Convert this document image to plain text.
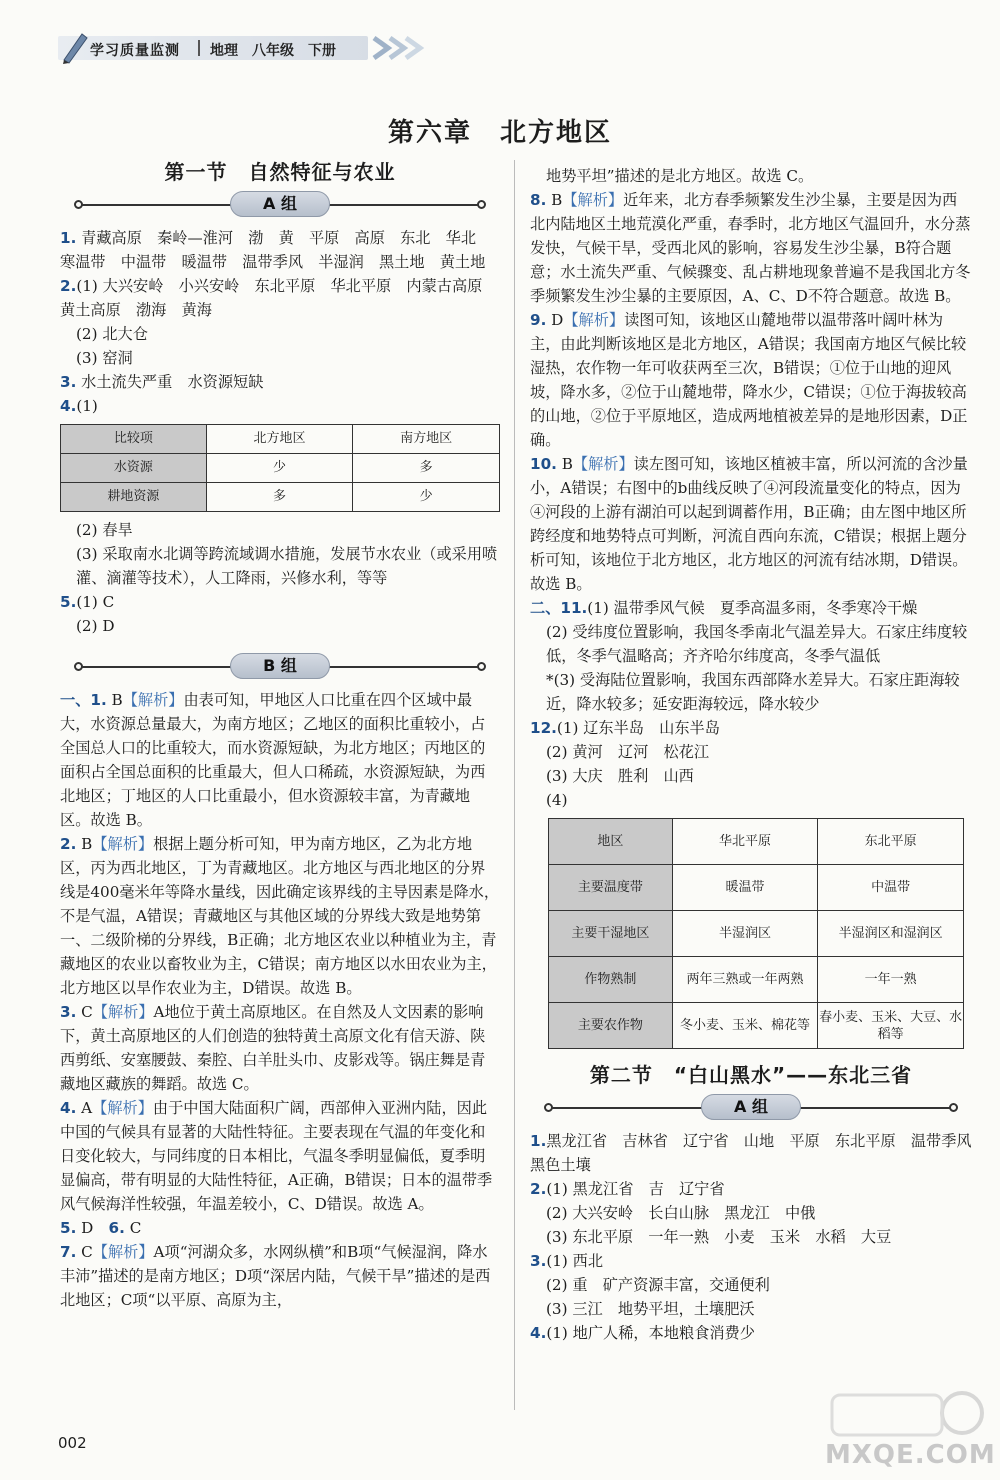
学习质量监测 地理　八年级　下册
第六章　北方地区
第一节　自然特征与农业
A 组
1. 青藏高原　秦岭—淮河　渤　黄　平原　高原　东北　华北　寒温带　中温带　暖温带　温带季风　半湿润　黑土地　黄土地
2.(1) 大兴安岭　小兴安岭　东北平原　华北平原　内蒙古高原　黄土高原　渤海　黄海
(2) 北大仓
(3) 窑洞
3. 水土流失严重　水资源短缺
4.(1)
比较项	北方地区	南方地区
水资源	少	多
耕地资源	多	少
(2) 春旱
(3) 采取南水北调等跨流域调水措施，发展节水农业（或采用喷灌、滴灌等技术），人工降雨，兴修水利，等等
5.(1) C
(2) D
B 组
一、1. B【解析】由表可知，甲地区人口比重在四个区域中最大，水资源总量最大，为南方地区；乙地区的面积比重较小，占全国总人口的比重较大，而水资源短缺，为北方地区；丙地区的面积占全国总面积的比重最大，但人口稀疏，水资源短缺，为西北地区；丁地区的人口比重最小，但水资源较丰富，为青藏地区。故选 B。
2. B【解析】根据上题分析可知，甲为南方地区，乙为北方地区，丙为西北地区，丁为青藏地区。北方地区与西北地区的分界线是400毫米年等降水量线，因此确定该界线的主导因素是降水，不是气温，A错误；青藏地区与其他区域的分界线大致是地势第一、二级阶梯的分界线，B正确；北方地区农业以种植业为主，青藏地区的农业以畜牧业为主，C错误；南方地区以水田农业为主，北方地区以旱作农业为主，D错误。故选 B。
3. C【解析】A地位于黄土高原地区。在自然及人文因素的影响下，黄土高原地区的人们创造的独特黄土高原文化有信天游、陕西剪纸、安塞腰鼓、秦腔、白羊肚头巾、皮影戏等。锅庄舞是青藏地区藏族的舞蹈。故选 C。
4. A【解析】由于中国大陆面积广阔，西部伸入亚洲内陆，因此中国的气候具有显著的大陆性特征。主要表现在气温的年变化和日变化较大，与同纬度的日本相比，气温冬季明显偏低，夏季明显偏高，带有明显的大陆性特征，A正确，B错误；日本的温带季风气候海洋性较强，年温差较小，C、D错误。故选 A。
5. D　 6. C
7. C【解析】A项“河湖众多，水网纵横”和B项“气候湿润，降水丰沛”描述的是南方地区；D项“深居内陆，气候干旱”描述的是西北地区；C项“以平原、高原为主，
地势平坦”描述的是北方地区。故选 C。
8. B【解析】近年来，北方春季频繁发生沙尘暴，主要是因为西北内陆地区土地荒漠化严重，春季时，北方地区气温回升，水分蒸发快，气候干旱，受西北风的影响，容易发生沙尘暴，B符合题意；水土流失严重、气候骤变、乱占耕地现象普遍不是我国北方冬季频繁发生沙尘暴的主要原因，A、C、D不符合题意。故选 B。
9. D【解析】读图可知，该地区山麓地带以温带落叶阔叶林为主，由此判断该地区是北方地区，A错误；我国南方地区气候比较湿热，农作物一年可收获两至三次，B错误；①位于山地的迎风坡，降水多，②位于山麓地带，降水少，C错误；①位于海拔较高的山地，②位于平原地区，造成两地植被差异的是地形因素，D正确。
10. B【解析】读左图可知，该地区植被丰富，所以河流的含沙量小，A错误；右图中的b曲线反映了④河段流量变化的特点，因为④河段的上游有湖泊可以起到调蓄作用，B正确；由左图中地区所跨经度和地势特点可判断，河流自西向东流，C错误；根据上题分析可知，该地位于北方地区，北方地区的河流有结冰期，D错误。故选 B。
二、11.(1) 温带季风气候　夏季高温多雨，冬季寒冷干燥
(2) 受纬度位置影响，我国冬季南北气温差异大。石家庄纬度较低，冬季气温略高；齐齐哈尔纬度高，冬季气温低
*(3) 受海陆位置影响，我国东西部降水差异大。石家庄距海较近，降水较多；延安距海较远，降水较少
12.(1) 辽东半岛　山东半岛
(2) 黄河　辽河　松花江
(3) 大庆　胜利　山西
(4)
地区	华北平原	东北平原
主要温度带	暖温带	中温带
主要干湿地区	半湿润区	半湿润区和湿润区
作物熟制	两年三熟或一年两熟	一年一熟
主要农作物	冬小麦、玉米、棉花等	春小麦、玉米、大豆、水稻等
第二节　“白山黑水”——东北三省
A 组
1.黑龙江省　吉林省　辽宁省　山地　平原　东北平原　温带季风　黑色土壤
2.(1) 黑龙江省　吉　辽宁省
(2) 大兴安岭　长白山脉　黑龙江　中俄
(3) 东北平原　一年一熟　小麦　玉米　水稻　大豆
3.(1) 西北
(2) 重　矿产资源丰富，交通便利
(3) 三江　地势平坦，土壤肥沃
4.(1) 地广人稀，本地粮食消费少
002	MXQE.COM
